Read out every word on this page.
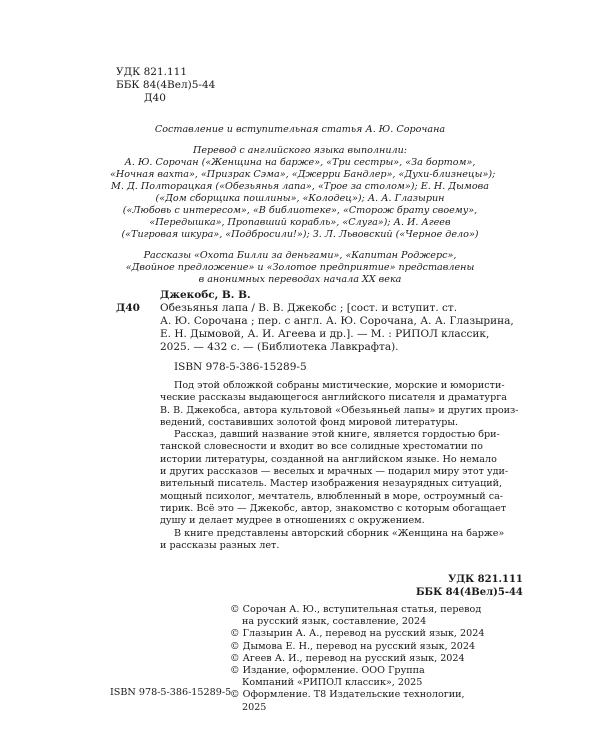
УДК 821.111
ББК 84(4Вел)5-44
Д40
Составление и вступительная статья А. Ю. Сорочана
Перевод с английского языка выполнили:
А. Ю. Сорочан («Женщина на барже», «Три сестры», «За бортом»,
«Ночная вахта», «Призрак Сэма», «Джерри Бандлер», «Духи-близнецы»);
М. Д. Полторацкая («Обезьянья лапа», «Трое за столом»); Е. Н. Дымова
(«Дом сборщика пошлины», «Колодец»); А. А. Глазырин
(«Любовь с интересом», «В библиотеке», «Сторож брату своему»,
«Передышка», Пропавший корабль», «Слуга»); А. И. Агеев
(«Тигровая шкура», «Подбросили!»); З. Л. Львовский («Черное дело»)
Рассказы «Охота Билли за деньгами», «Капитан Роджерс»,
«Двойное предложение» и «Золотое предприятие» представлены
в анонимных переводах начала XX века
Д40
Джекобс, В. В.
Обезьянья лапа / В. В. Джекобс ; [сост. и вступит. ст.
А. Ю. Сорочана ; пер. с англ. А. Ю. Сорочана, А. А. Глазырина,
Е. Н. Дымовой, А. И. Агеева и др.]. — М. : РИПОЛ классик,
2025. — 432 с. — (Библиотека Лавкрафта).
ISBN 978-5-386-15289-5
Под этой обложкой собраны мистические, морские и юмористи-
ческие рассказы выдающегося английского писателя и драматурга
В. В. Джекобса, автора культовой «Обезьяньей лапы» и других произ-
ведений, составивших золотой фонд мировой литературы.
Рассказ, давший название этой книге, является гордостью бри-
танской словесности и входит во все солидные хрестоматии по
истории литературы, созданной на английском языке. Но немало
и других рассказов — веселых и мрачных — подарил миру этот уди-
вительный писатель. Мастер изображения незаурядных ситуаций,
мощный психолог, мечтатель, влюбленный в море, остроумный са-
тирик. Всё это — Джекобс, автор, знакомство с которым обогащает
душу и делает мудрее в отношениях с окружением.
В книге представлены авторский сборник «Женщина на барже»
и рассказы разных лет.
УДК 821.111
ББК 84(4Вел)5-44
© Сорочан А. Ю., вступительная статья, перевод
на русский язык, составление, 2024
© Глазырин А. А., перевод на русский язык, 2024
© Дымова Е. Н., перевод на русский язык, 2024
© Агеев А. И., перевод на русский язык, 2024
© Издание, оформление. ООО Группа
Компаний «РИПОЛ классик», 2025
© Оформление. Т8 Издательские технологии,
2025
ISBN 978-5-386-15289-5
